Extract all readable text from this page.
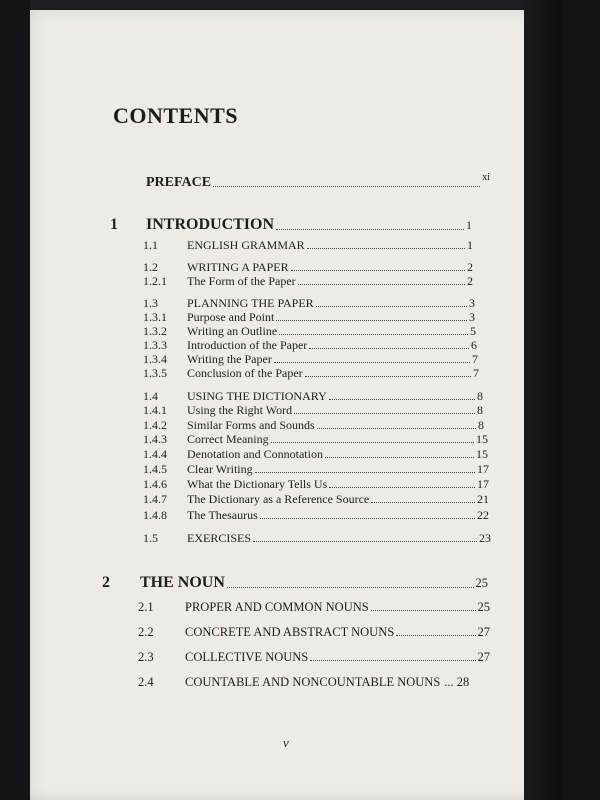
CONTENTS
PREFACE	xi
1	INTRODUCTION	1
1.1	ENGLISH GRAMMAR	1
1.2	WRITING A PAPER	2
1.2.1	The Form of the Paper	2
1.3	PLANNING THE PAPER	3
1.3.1	Purpose and Point	3
1.3.2	Writing an Outline	5
1.3.3	Introduction of the Paper	6
1.3.4	Writing the Paper	7
1.3.5	Conclusion of the Paper	7
1.4	USING THE DICTIONARY	8
1.4.1	Using the Right Word	8
1.4.2	Similar Forms and Sounds	8
1.4.3	Correct Meaning	15
1.4.4	Denotation and Connotation	15
1.4.5	Clear Writing	17
1.4.6	What the Dictionary Tells Us	17
1.4.7	The Dictionary as a Reference Source	21
1.4.8	The Thesaurus	22
1.5	EXERCISES	23
2	THE NOUN	25
2.1	PROPER AND COMMON NOUNS	25
2.2	CONCRETE AND ABSTRACT NOUNS	27
2.3	COLLECTIVE NOUNS	27
2.4	COUNTABLE AND NONCOUNTABLE NOUNS ... 28
v
